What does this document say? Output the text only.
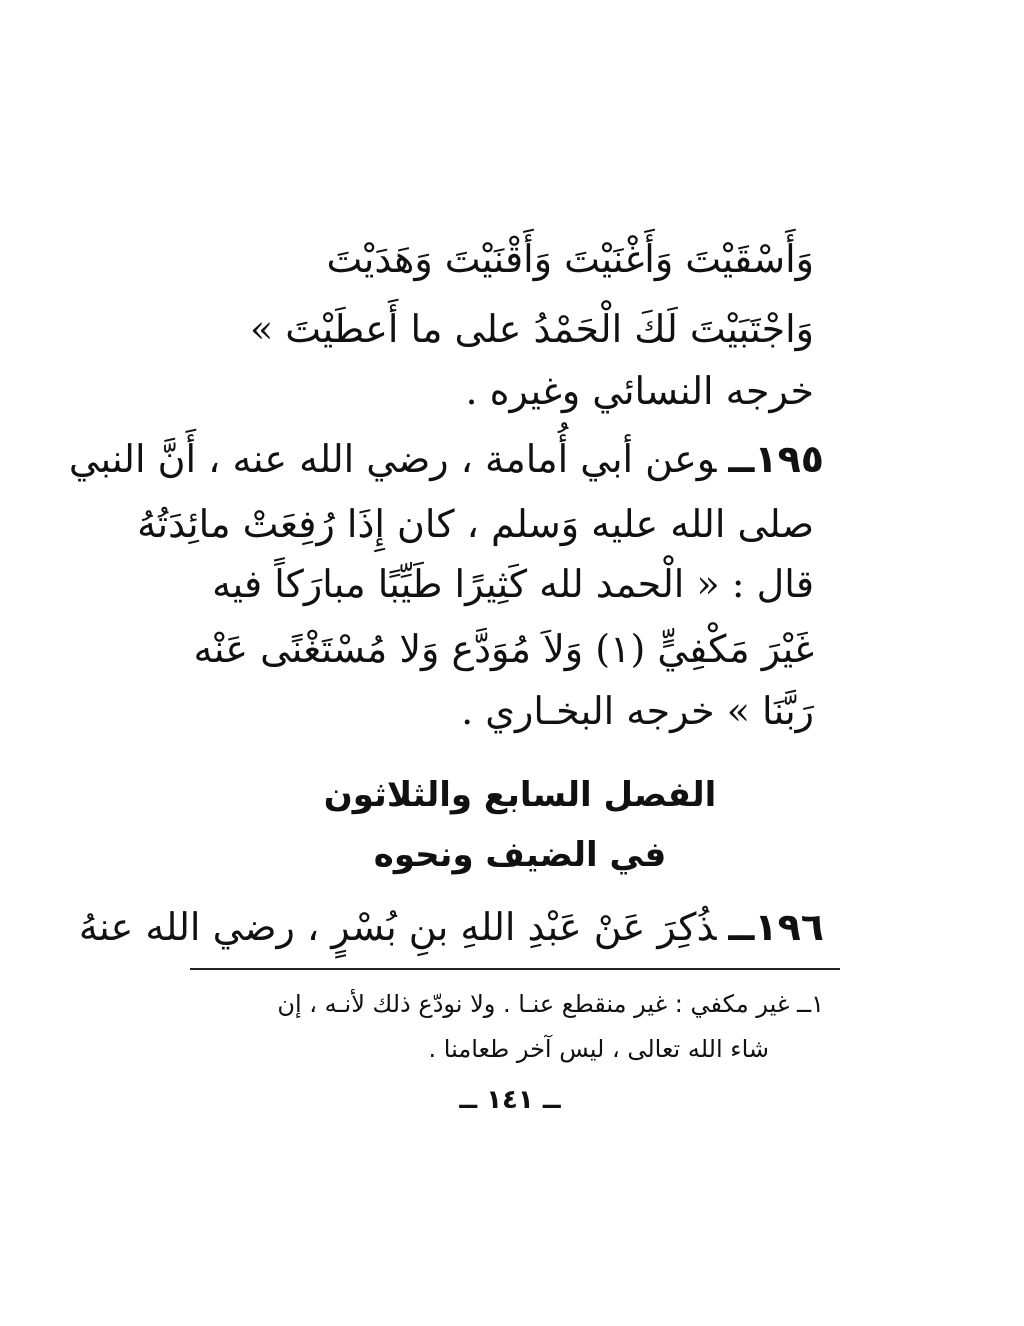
وَأَسْقَيْتَ وَأَغْنَيْتَ وَأَقْنَيْتَ وَهَدَيْتَ
وَاجْتَبَيْتَ لَكَ الْحَمْدُ على ما أَعطَيْتَ »
خرجه النسائي وغيره .
١٩٥ــوعن أبي أُمامة ، رضي الله عنه ، أَنَّ النبي
صلى الله عليه وَسلم ، كان إِذَا رُفِعَتْ مائِدَتُهُ
قال : « الْحمد لله كَثِيرًا طَيِّبًا مبارَكاً فيه
غَيْرَ مَكْفِيٍّ (١) وَلاَ مُوَدَّع وَلا مُسْتَغْنًى عَنْه
رَبَّنَا » خرجه البخـاري .
الفصل السابع والثلاثون
في الضيف ونحوه
١٩٦ــذُكِرَ عَنْ عَبْدِ اللهِ بنِ بُسْرٍ ، رضي الله عنهُ
١ــ غير مكفي : غير منقطع عنـا . ولا نودّع ذلك لأنـه ، إن
شاء الله تعالى ، ليس آخر طعامنا .
ــ ١٤١ ــ
